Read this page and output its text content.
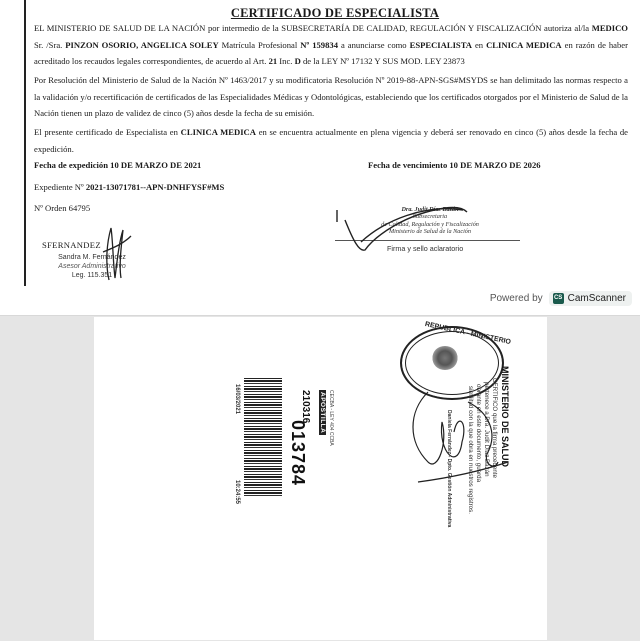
CERTIFICADO DE ESPECIALISTA
EL MINISTERIO DE SALUD DE LA NACIÓN por intermedio de la SUBSECRETARÍA DE CALIDAD, REGULACIÓN Y FISCALIZACIÓN autoriza al/la MEDICO Sr. /Sra. PINZON OSORIO, ANGELICA SOLEY Matrícula Profesional Nº 159834 a anunciarse como ESPECIALISTA en CLINICA MEDICA en razón de haber acreditado los recaudos legales correspondientes, de acuerdo al Art. 21 Inc. D de la LEY Nº 17132 Y SUS MOD. LEY 23873
Por Resolución del Ministerio de Salud de la Nación Nº 1463/2017 y su modificatoria Resolución Nº 2019-88-APN-SGS#MSYDS se han delimitado las normas respecto a la validación y/o recertificación de certificados de las Especialidades Médicas y Odontológicas, estableciendo que los certificados otorgados por el Ministerio de Salud de la Nación tienen un plazo de validez de cinco (5) años desde la fecha de su emisión.
El presente certificado de Especialista en CLINICA MEDICA en se encuentra actualmente en plena vigencia y deberá ser renovado en cinco (5) años desde la fecha de expedición.
Fecha de expedición 10 DE MARZO DE 2021	Fecha de vencimiento 10 DE MARZO DE 2026
Expediente Nº 2021-13071781--APN-DNHFYSF#MS
Nº Orden 64795
SFERNANDEZ
Sandra M. Fernández
Asesor Administrativo
Leg. 115.351
Dra. Judit Díaz Bazán
Subsecretaria
de Calidad, Regulación y Fiscalización
Ministerio de Salud de la Nación
Firma y sello aclaratorio
Powered by CS CamScanner
16/03/2021
10:24:55
210316
013784
APOSTILLA CECBA - LEY 404 CCBA
REPUBLICA - MINISTERIO
MINISTERIO DE SALUD
CERTIFICO que la firma precedente
pertenece a Dra. Judit Díaz Bazán
obrante en este documento, guarda
similitud con la que obra en nuestros registros.
Daniela Fernández - Dpto. Gestión Administrativa
